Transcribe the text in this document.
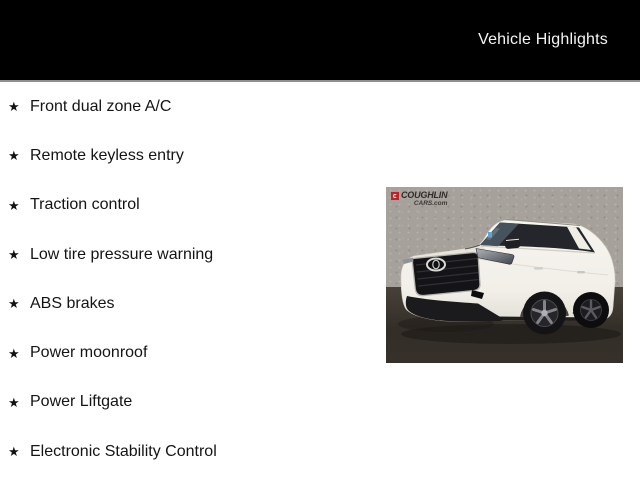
Vehicle Highlights
★ Front dual zone A/C
★ Remote keyless entry
★ Traction control
★ Low tire pressure warning
★ ABS brakes
★ Power moonroof
★ Power Liftgate
★ Electronic Stability Control
COUGHLIN
CARS.com
